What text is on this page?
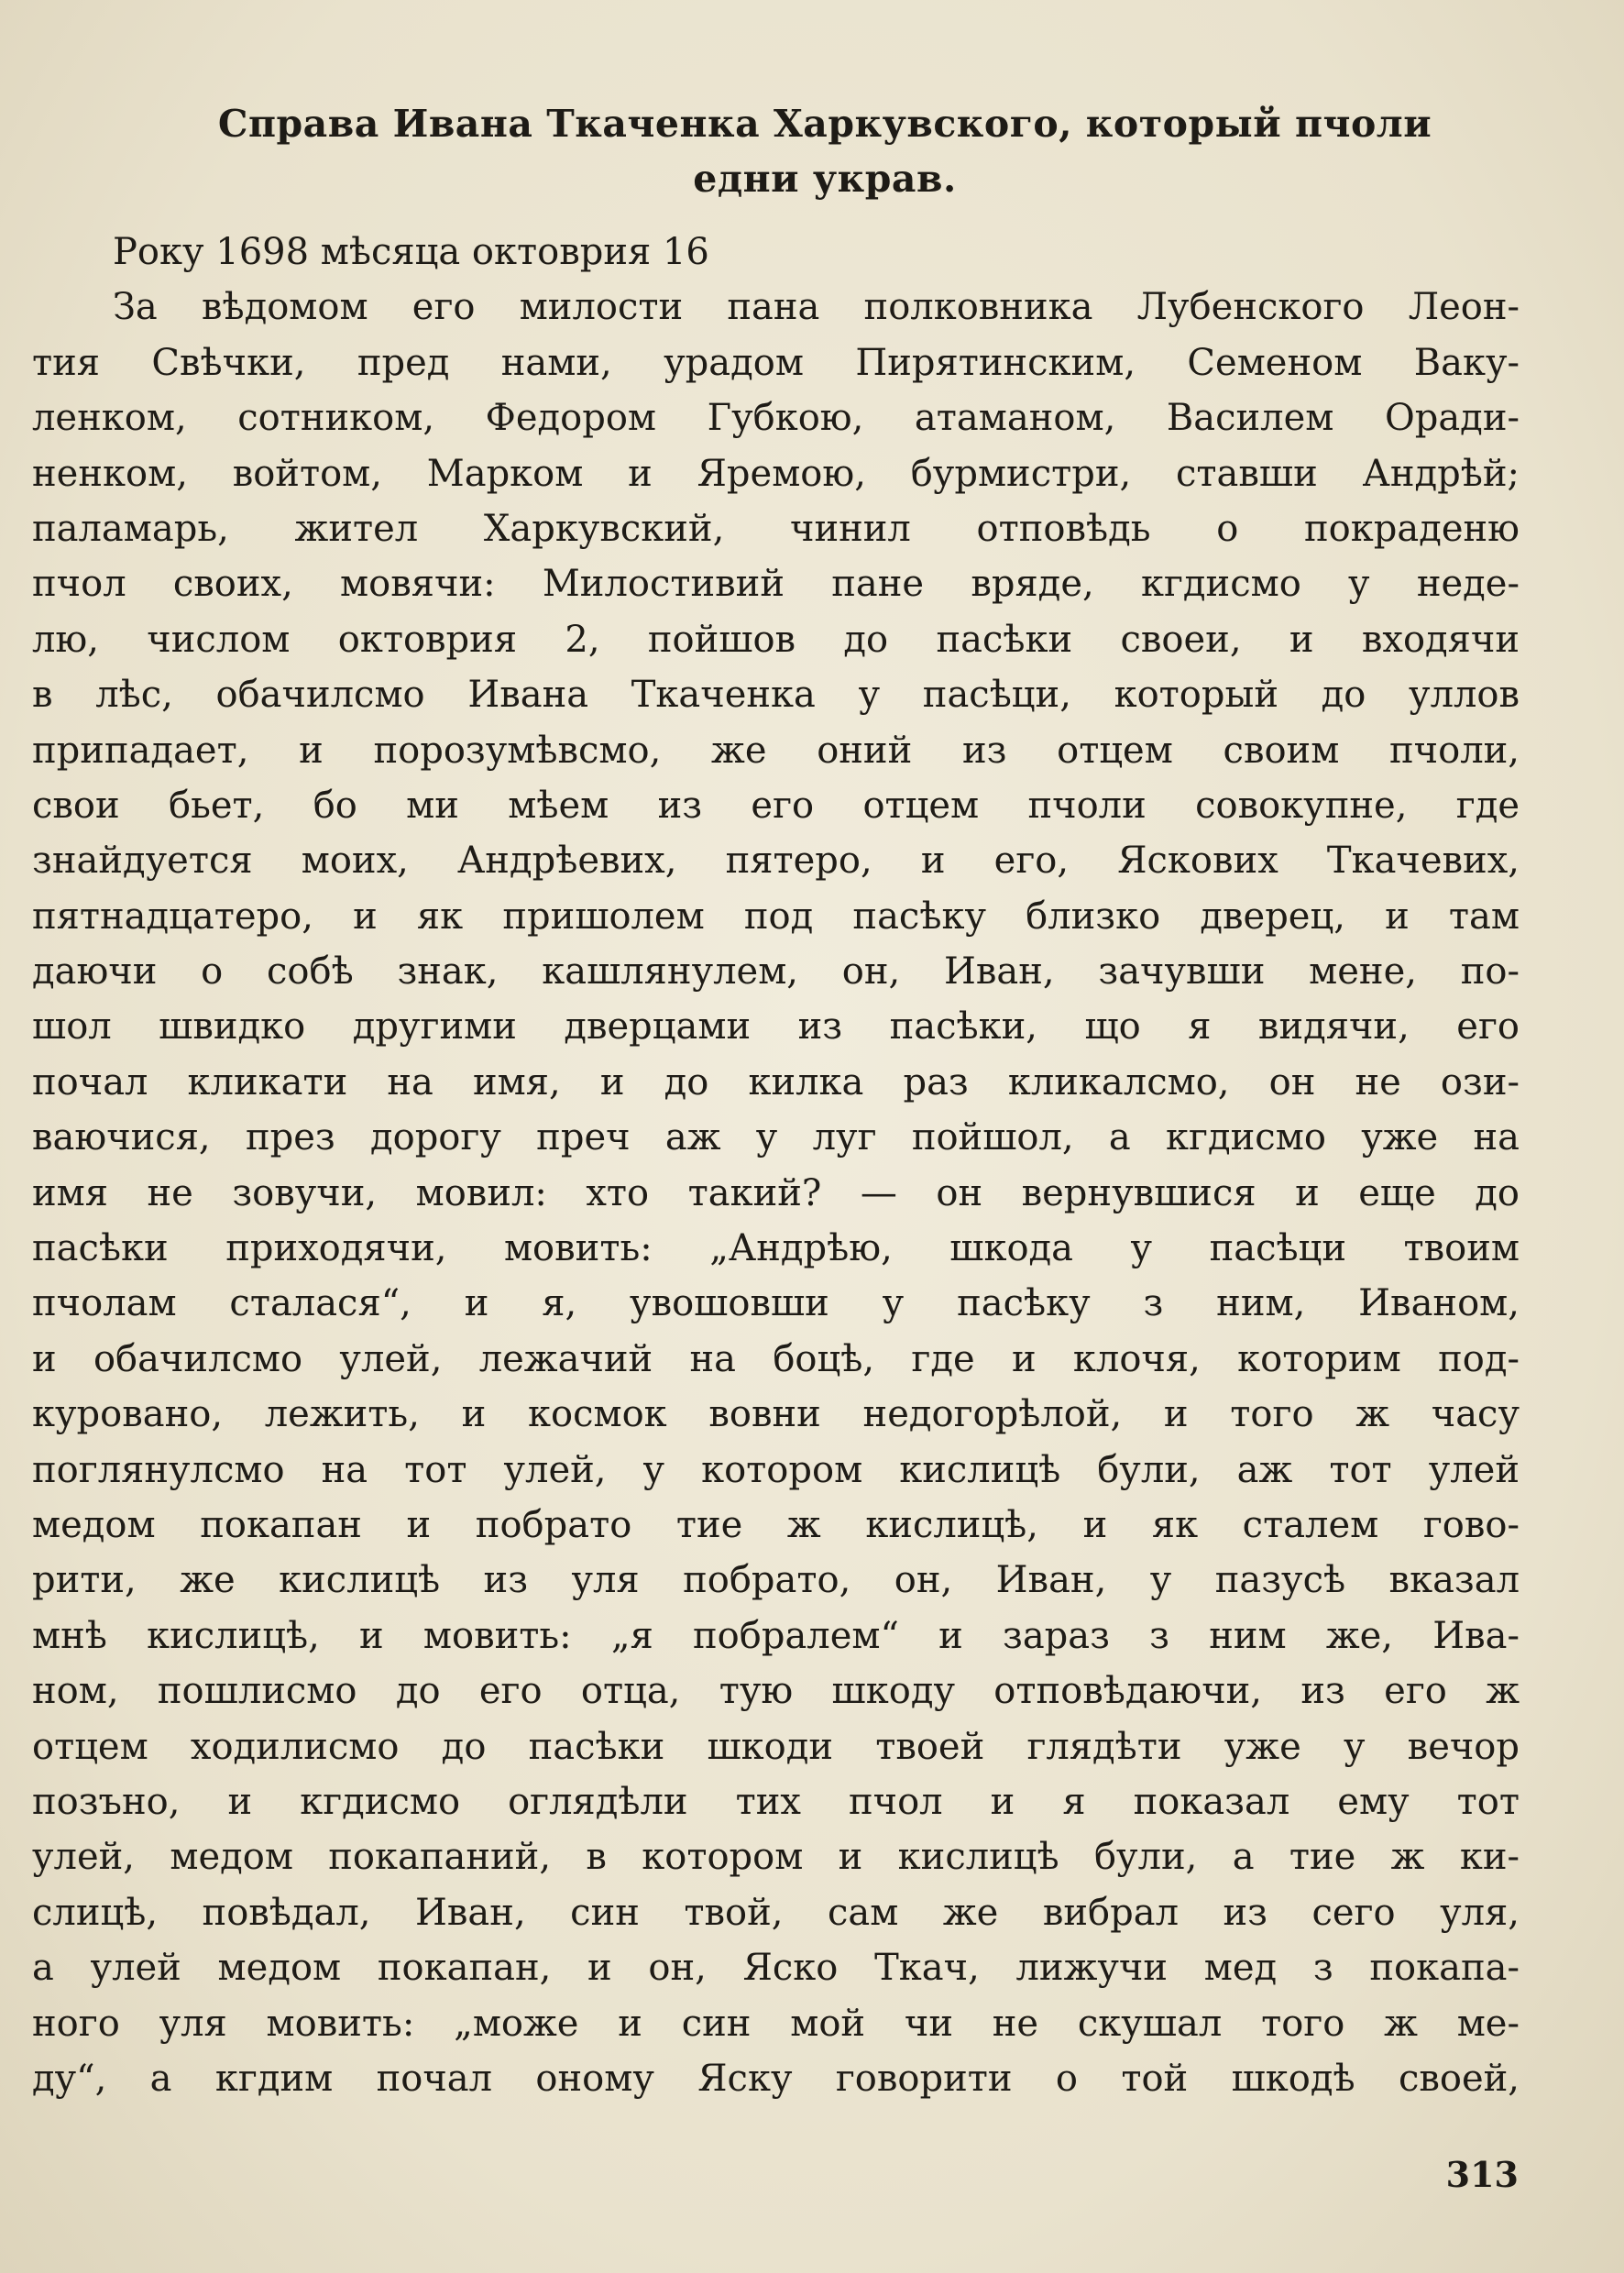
Справа Ивана Ткаченка Харкувского, который пчоли
едни украв.
Року 1698 мѣсяца октоврия 16
За вѣдомом его милости пана полковника Лубенского Леон-
тия Свѣчки, пред нами, урадом Пирятинским, Семеном Ваку-
ленком, сотником, Федором Губкою, атаманом, Василем Оради-
ненком, войтом, Марком и Яремою, бурмистри, ставши Андрѣй;
паламарь, жител Харкувский, чинил отповѣдь о покраденю
пчол своих, мовячи: Милостивий пане вряде, кгдисмо у неде-
лю, числом октоврия 2, пойшов до пасѣки своеи, и входячи
в лѣс, обачилсмо Ивана Ткаченка у пасѣци, который до уллов
припадает, и порозумѣвсмо, же оний из отцем своим пчоли,
свои бьет, бо ми мѣем из его отцем пчоли совокупне, где
знайдуется моих, Андрѣевих, пятеро, и его, Ясковиx Ткачевих,
пятнадцатеро, и як пришолем под пасѣку близко дверец, и там
даючи о собѣ знак, кашлянулем, он, Иван, зачувши мене, по-
шол швидко другими дверцами из пасѣки, що я видячи, его
почал кликати на имя, и до килка раз кликалсмо, он не ози-
ваючися, през дорогу преч аж у луг пойшол, а кгдисмо уже на
имя не зовучи, мовил: хто такий? — он вернувшися и еще до
пасѣки приходячи, мовить: „Андрѣю, шкода у пасѣци твоим
пчолам сталася“, и я, увошовши у пасѣку з ним, Иваном,
и обачилсмо улей, лежачий на боцѣ, где и клочя, которим под-
куровано, лежить, и космок вовни недогорѣлой, и того ж часу
поглянулсмо на тот улей, у котором кислицѣ були, аж тот улей
медом покапан и побрато тие ж кислицѣ, и як сталем гово-
рити, же кислицѣ из уля побрато, он, Иван, у пазусѣ вказал
мнѣ кислицѣ, и мовить: „я побралем“ и зараз з ним же, Ива-
ном, пошлисмо до его отца, тую шкоду отповѣдаючи, из его ж
отцем ходилисмо до пасѣки шкоди твоей глядѣти уже у вечор
позъно, и кгдисмо оглядѣли тих пчол и я показал ему тот
улей, медом покапаний, в котором и кислицѣ були, а тие ж ки-
слицѣ, повѣдал, Иван, син твой, сам же вибрал из сего уля,
а улей медом покапан, и он, Яско Ткач, лижучи мед з покапа-
ного уля мовить: „може и син мой чи не скушал того ж ме-
ду“, а кгдим почал оному Яску говорити о той шкодѣ своей,

313
